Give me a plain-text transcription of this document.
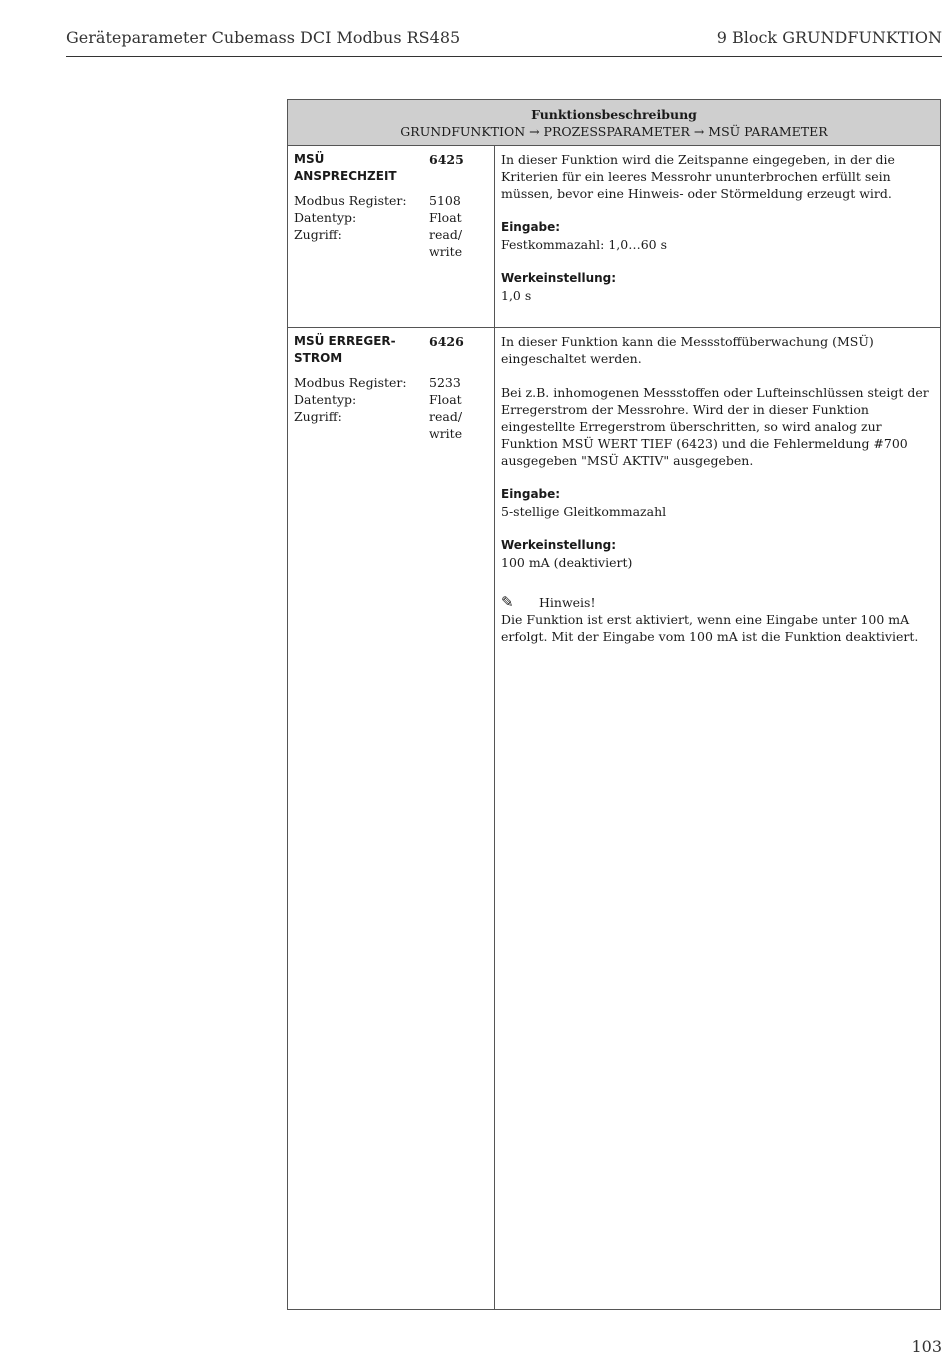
Geräteparameter Cubemass DCI Modbus RS485	9 Block GRUNDFUNKTION
Funktionsbeschreibung
GRUNDFUNKTION → PROZESSPARAMETER → MSÜ PARAMETER
MSÜ ANSPRECHZEIT
6425
Modbus Register:
Datentyp:
Zugriff:
5108
Float
read/ write

In dieser Funktion wird die Zeitspanne eingegeben, in der die Kriterien für ein leeres Messrohr ununterbrochen erfüllt sein müssen, bevor eine Hinweis- oder Störmeldung erzeugt wird.

Eingabe:

Festkommazahl: 1,0…60 s

Werkeinstellung:
1,0 s
MSÜ ERREGER-STROM
6426
Modbus Register:
Datentyp:
Zugriff:
5233
Float
read/ write

In dieser Funktion kann die Messstoffüberwachung (MSÜ) eingeschaltet werden.

Bei z.B. inhomogenen Messstoffen oder Lufteinschlüssen steigt der Erregerstrom der Messrohre. Wird der in dieser Funktion eingestellte Erregerstrom überschritten, so wird analog zur Funktion MSÜ WERT TIEF (6423) und die Fehlermeldung #700 ausgegeben "MSÜ AKTIV" ausgegeben.

Eingabe:

5-stellige Gleitkommazahl

Werkeinstellung:
100 mA (deaktiviert)
✎ Hinweis!
Die Funktion ist erst aktiviert, wenn eine Eingabe unter 100 mA erfolgt. Mit der Eingabe vom 100 mA ist die Funktion deaktiviert.
103
